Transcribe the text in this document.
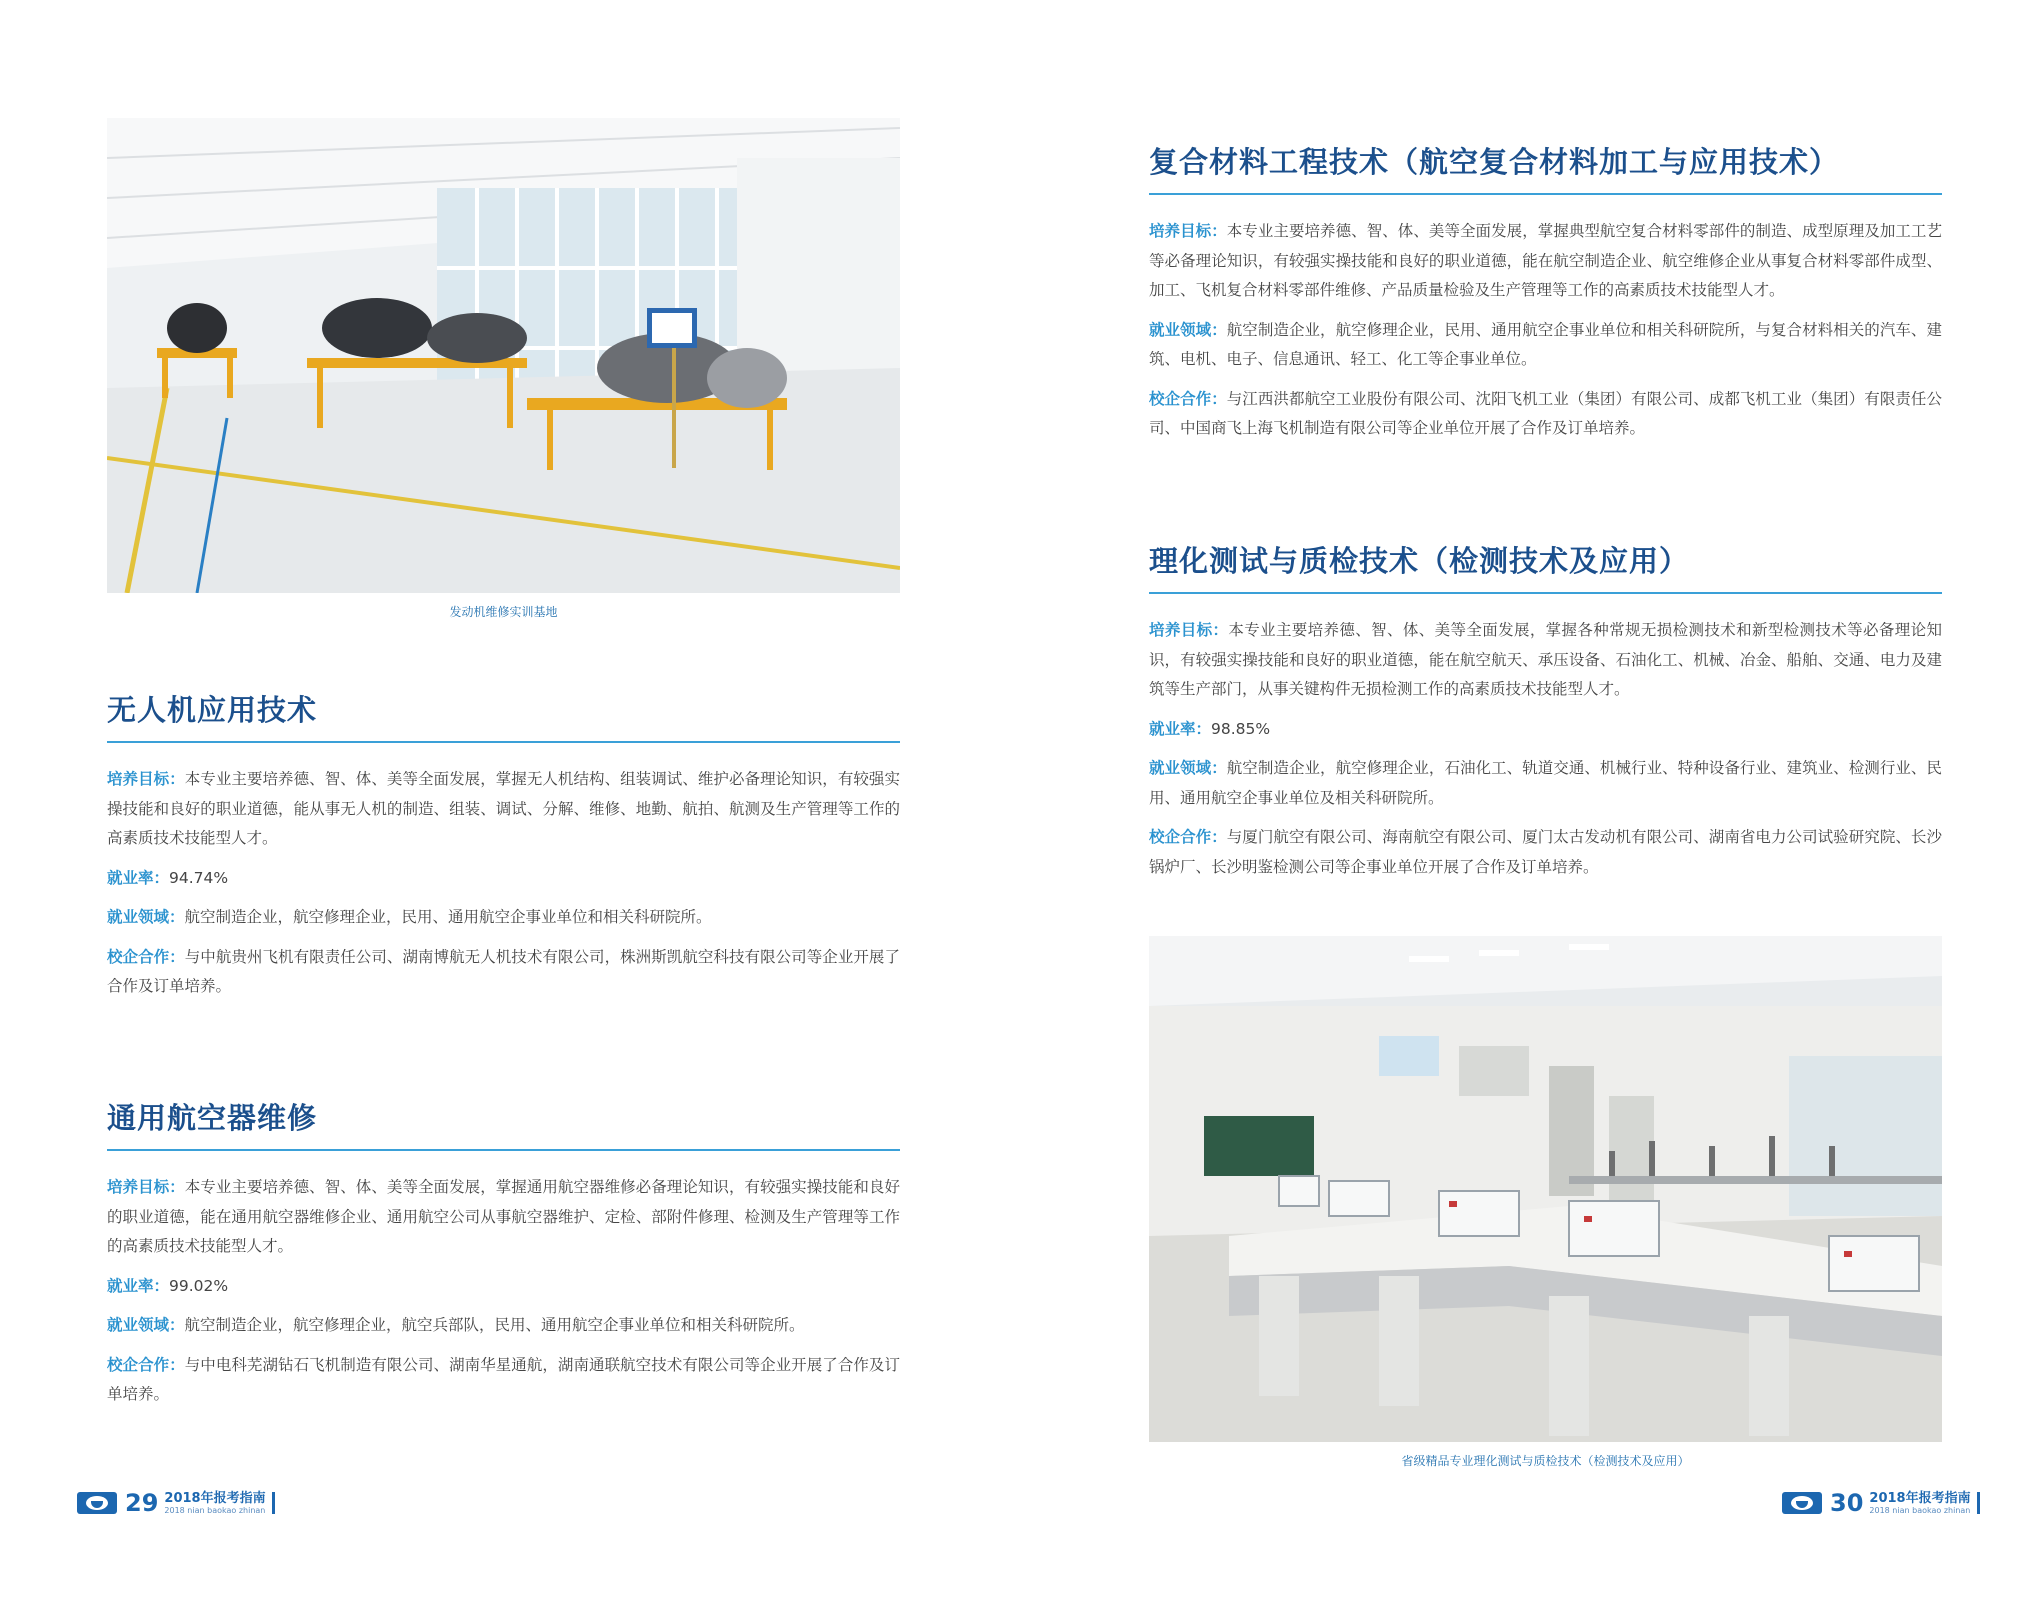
发动机维修实训基地
无人机应用技术

培养目标：本专业主要培养德、智、体、美等全面发展，掌握无人机结构、组装调试、维护必备理论知识，有较强实操技能和良好的职业道德，能从事无人机的制造、组装、调试、分解、维修、地勤、航拍、航测及生产管理等工作的高素质技术技能型人才。

就业率：94.74%

就业领域：航空制造企业，航空修理企业，民用、通用航空企事业单位和相关科研院所。

校企合作：与中航贵州飞机有限责任公司、湖南博航无人机技术有限公司，株洲斯凯航空科技有限公司等企业开展了合作及订单培养。

通用航空器维修

培养目标：本专业主要培养德、智、体、美等全面发展，掌握通用航空器维修必备理论知识，有较强实操技能和良好的职业道德，能在通用航空器维修企业、通用航空公司从事航空器维护、定检、部附件修理、检测及生产管理等工作的高素质技术技能型人才。

就业率：99.02%

就业领域：航空制造企业，航空修理企业，航空兵部队，民用、通用航空企事业单位和相关科研院所。

校企合作：与中电科芜湖钻石飞机制造有限公司、湖南华星通航，湖南通联航空技术有限公司等企业开展了合作及订单培养。

29 2018年报考指南
2018 nian baokao zhinan
复合材料工程技术（航空复合材料加工与应用技术）

培养目标：本专业主要培养德、智、体、美等全面发展，掌握典型航空复合材料零部件的制造、成型原理及加工工艺等必备理论知识，有较强实操技能和良好的职业道德，能在航空制造企业、航空维修企业从事复合材料零部件成型、加工、飞机复合材料零部件维修、产品质量检验及生产管理等工作的高素质技术技能型人才。

就业领域：航空制造企业，航空修理企业，民用、通用航空企事业单位和相关科研院所，与复合材料相关的汽车、建筑、电机、电子、信息通讯、轻工、化工等企事业单位。

校企合作：与江西洪都航空工业股份有限公司、沈阳飞机工业（集团）有限公司、成都飞机工业（集团）有限责任公司、中国商飞上海飞机制造有限公司等企业单位开展了合作及订单培养。

理化测试与质检技术（检测技术及应用）

培养目标：本专业主要培养德、智、体、美等全面发展，掌握各种常规无损检测技术和新型检测技术等必备理论知识，有较强实操技能和良好的职业道德，能在航空航天、承压设备、石油化工、机械、冶金、船舶、交通、电力及建筑等生产部门，从事关键构件无损检测工作的高素质技术技能型人才。

就业率：98.85%

就业领域：航空制造企业，航空修理企业，石油化工、轨道交通、机械行业、特种设备行业、建筑业、检测行业、民用、通用航空企事业单位及相关科研院所。

校企合作：与厦门航空有限公司、海南航空有限公司、厦门太古发动机有限公司、湖南省电力公司试验研究院、长沙锅炉厂、长沙明鉴检测公司等企事业单位开展了合作及订单培养。

省级精品专业理化测试与质检技术（检测技术及应用）
30 2018年报考指南
2018 nian baokao zhinan
